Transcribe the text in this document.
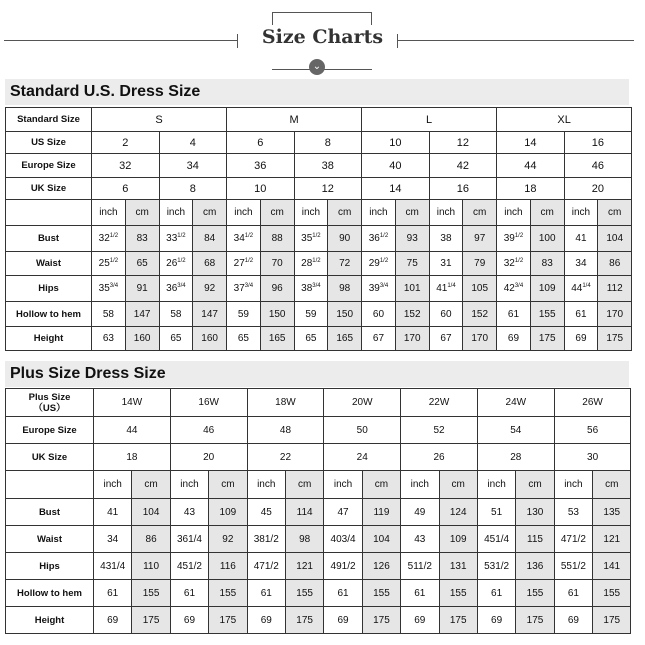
Size Charts
⌄
Standard U.S. Dress Size
Standard Size	S				M				L				XL			
US Size	2		4		6		8		10		12		14		16	
Europe Size	32		34		36		38		40		42		44		46	
UK Size	6		8		10		12		14		16		18		20	
	inch	cm	inch	cm	inch	cm	inch	cm	inch	cm	inch	cm	inch	cm	inch	cm
Bust	$32^{1/2}$	83	$33^{1/2}$	84	$34^{1/2}$	88	$35^{1/2}$	90	$36^{1/2}$	93	38	97	$39^{1/2}$	100	41	104
Waist	$25^{1/2}$	65	$26^{1/2}$	68	$27^{1/2}$	70	$28^{1/2}$	72	$29^{1/2}$	75	31	79	$32^{1/2}$	83	34	86
Hips	$35^{3/4}$	91	$36^{3/4}$	92	$37^{3/4}$	96	$38^{3/4}$	98	$39^{3/4}$	101	$41^{1/4}$	105	$42^{3/4}$	109	$44^{1/4}$	112
Hollow to hem	58	147	58	147	59	150	59	150	60	152	60	152	61	155	61	170
Height	63	160	65	160	65	165	65	165	67	170	67	170	69	175	69	175
Plus Size Dress Size
Plus Size
（US）	14W		16W		18W		20W		22W		24W		26W	
Europe Size	44		46		48		50		52		54		56	
UK Size	18		20		22		24		26		28		30	
	inch	cm	inch	cm	inch	cm	inch	cm	inch	cm	inch	cm	inch	cm
Bust	41	104	43	109	45	114	47	119	49	124	51	130	53	135
Waist	34	86	361/4	92	381/2	98	403/4	104	43	109	451/4	115	471/2	121
Hips	431/4	110	451/2	116	471/2	121	491/2	126	511/2	131	531/2	136	551/2	141
Hollow to hem	61	155	61	155	61	155	61	155	61	155	61	155	61	155
Height	69	175	69	175	69	175	69	175	69	175	69	175	69	175
